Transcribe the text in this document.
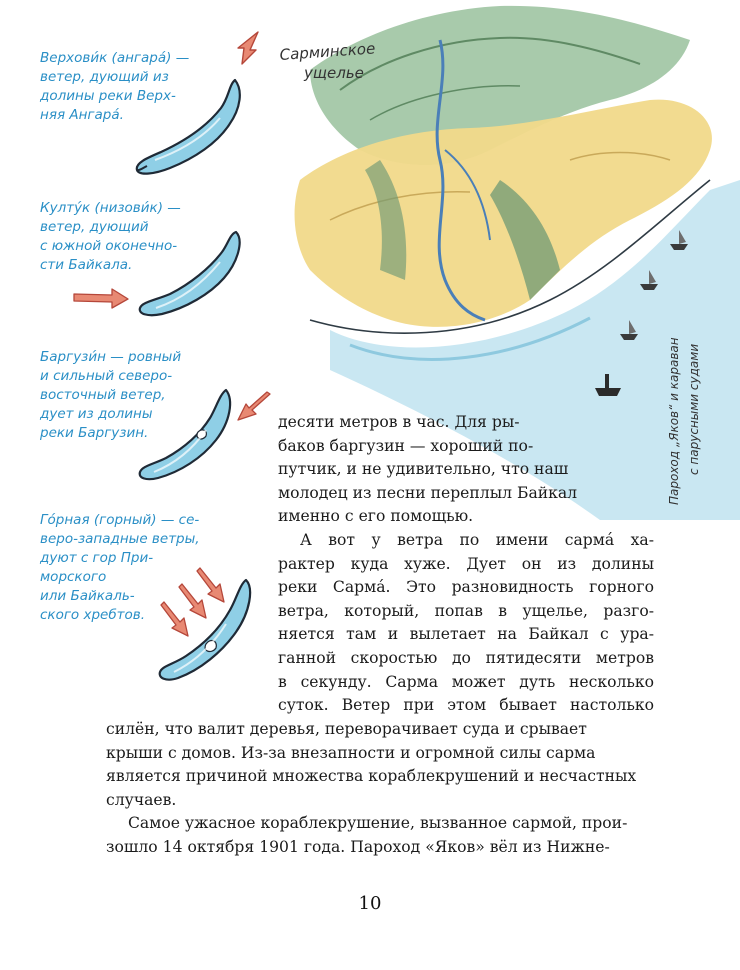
Верхови́к (ангара́) —
ветер, дующий из
долины реки Верх-
няя Ангара́.
Култу́к (низови́к) —
ветер, дующий
с южной оконечно-
сти Байкала.
Баргузи́н — ровный
и сильный северо-
восточный ветер,
дует из долины
реки Баргузин.
Го́рная (горный) — се-
веро-западные ветры,
дуют с гор При-
морского
или Байкаль-
ского хребтов.
Сарминское
ущелье
Пароход „Яков“ и караван с парусными судами
десяти метров в час. Для ры-
баков баргузин — хороший по-
путчик, и не удивительно, что наш
молодец из песни переплыл Байкал
именно с его помощью.
А вот у ветра по имени сарма́ ха-
рактер куда хуже. Дует он из долины
реки Сарма́. Это разновидность горного
ветра, который, попав в ущелье, разго-
няется там и вылетает на Байкал с ура-
ганной скоростью до пятидесяти метров
в секунду. Сарма может дуть несколько
суток. Ветер при этом бывает настолько
силён, что валит деревья, переворачивает суда и срывает
крыши с домов. Из-за внезапности и огромной силы сарма
является причиной множества кораблекрушений и несчастных
случаев.
Самое ужасное кораблекрушение, вызванное сармой, прои-
зошло 14 октября 1901 года. Пароход «Яков» вёл из Нижне-
10
